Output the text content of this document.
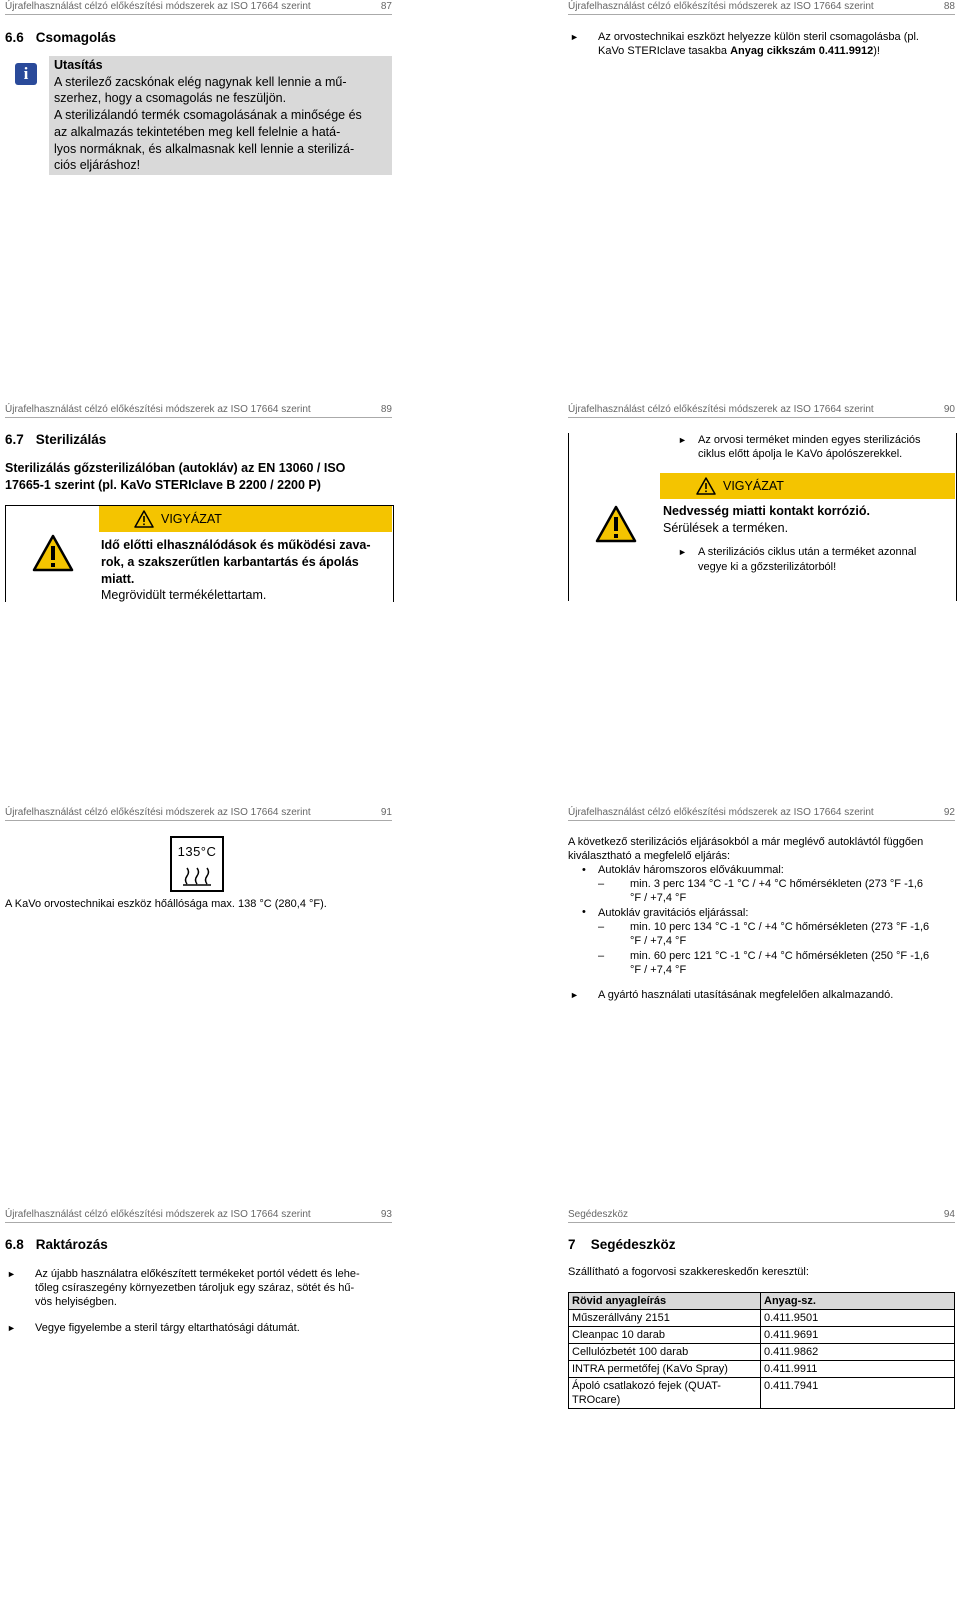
Újrafelhasználást célzó előkészítési módszerek az ISO 17664 szerint	87
6.6 Csomagolás
i	Utasítás
A sterilező zacskónak elég nagynak kell lennie a mű-
szerhez, hogy a csomagolás ne feszüljön.
A sterilizálandó termék csomagolásának a minősége és
az alkalmazás tekintetében meg kell felelnie a hatá-
lyos normáknak, és alkalmasnak kell lennie a sterilizá-
ciós eljáráshoz!
Újrafelhasználást célzó előkészítési módszerek az ISO 17664 szerint	88
► Az orvostechnikai eszközt helyezze külön steril csomagolásba (pl.
KaVo STERIclave tasakba Anyag cikkszám 0.411.9912)!
Újrafelhasználást célzó előkészítési módszerek az ISO 17664 szerint	89
6.7 Sterilizálás
Sterilizálás gőzsterilizálóban (autokláv) az EN 13060 / ISO
17665-1 szerint (pl. KaVo STERIclave B 2200 / 2200 P)
VIGYÁZAT
Idő előtti elhasználódások és működési zava-
rok, a szakszerűtlen karbantartás és ápolás
miatt.
Megrövidült termékélettartam.
Újrafelhasználást célzó előkészítési módszerek az ISO 17664 szerint	90
► Az orvosi terméket minden egyes sterilizációs
ciklus előtt ápolja le KaVo ápolószerekkel.
VIGYÁZAT
Nedvesség miatti kontakt korrózió.
Sérülések a terméken.
► A sterilizációs ciklus után a terméket azonnal
vegye ki a gőzsterilizátorból!
Újrafelhasználást célzó előkészítési módszerek az ISO 17664 szerint	91
135°C
A KaVo orvostechnikai eszköz hőállósága max. 138 °C (280,4 °F).
Újrafelhasználást célzó előkészítési módszerek az ISO 17664 szerint	92
A következő sterilizációs eljárásokból a már meglévő autoklávtól függően
kiválasztható a megfelelő eljárás:
• Autokláv háromszoros elővákuummal:
– min. 3 perc 134 °C -1 °C / +4 °C hőmérsékleten (273 °F -1,6
°F / +7,4 °F
• Autokláv gravitációs eljárással:
– min. 10 perc 134 °C -1 °C / +4 °C hőmérsékleten (273 °F -1,6
°F / +7,4 °F
– min. 60 perc 121 °C -1 °C / +4 °C hőmérsékleten (250 °F -1,6
°F / +7,4 °F
► A gyártó használati utasításának megfelelően alkalmazandó.
Újrafelhasználást célzó előkészítési módszerek az ISO 17664 szerint	93
6.8 Raktározás
► Az újabb használatra előkészített termékeket portól védett és lehe-
tőleg csíraszegény környezetben tároljuk egy száraz, sötét és hű-
vös helyiségben.
► Vegye figyelembe a steril tárgy eltarthatósági dátumát.
Segédeszköz	94
7 Segédeszköz
Szállítható a fogorvosi szakkereskedőn keresztül:
Rövid anyagleírás	Anyag-sz.
Műszerállvány 2151	0.411.9501
Cleanpac 10 darab	0.411.9691
Cellulózbetét 100 darab	0.411.9862
INTRA permetőfej (KaVo Spray)	0.411.9911
Ápoló csatlakozó fejek (QUAT-
TROcare)	0.411.7941
